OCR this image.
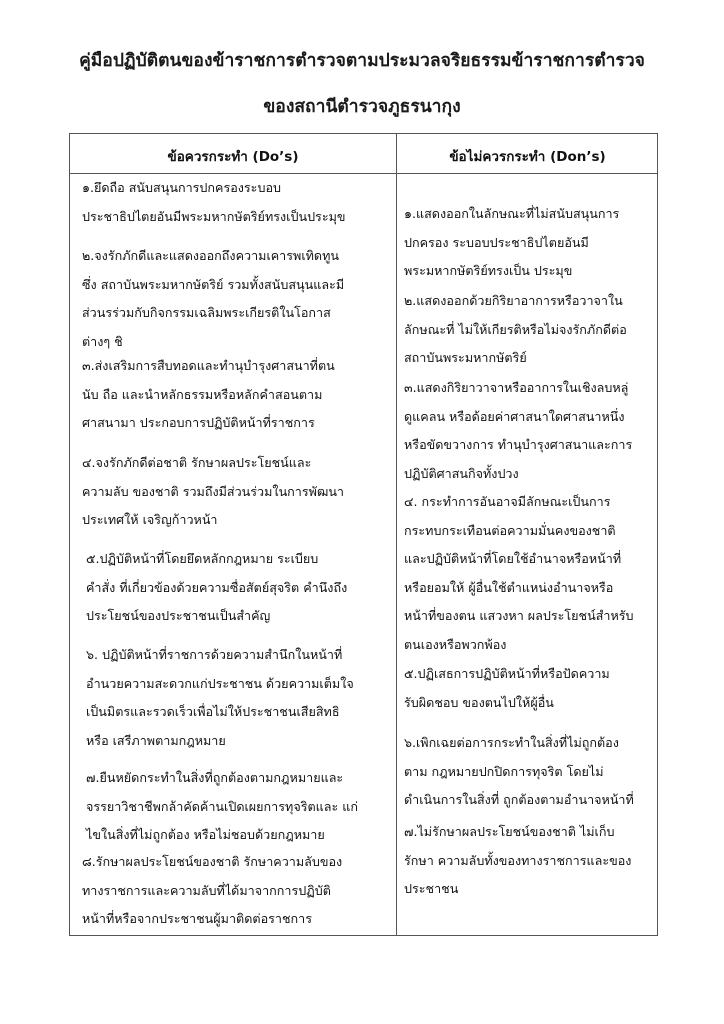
คู่มือปฏิบัติตนของข้าราชการตำรวจตามประมวลจริยธรรมข้าราชการตำรวจ
ของสถานีตำรวจภูธรนากุง
ข้อควรกระทำ (Do’s)	ข้อไม่ควรกระทำ (Don’s)
๑.ยึดถือ สนับสนุนการปกครองระบอบ
ประชาธิปไตยอันมีพระมหากษัตริย์ทรงเป็นประมุข
๒.จงรักภักดีและแสดงออกถึงความเคารพเทิดทูน
ซึ่ง สถาบันพระมหากษัตริย์ รวมทั้งสนับสนุนและมี
ส่วนรร่วมกับกิจกรรมเฉลิมพระเกียรติในโอกาส
ต่างๆ ชิ
๓.ส่งเสริมการสืบทอดและทำนุบำรุงศาสนาที่ตน
นับ ถือ และนำหลักธรรมหรือหลักคำสอนตาม
ศาสนามา ประกอบการปฏิบัติหน้าที่ราชการ
๔.จงรักภักดีต่อชาติ รักษาผลประโยชน์และ
ความลับ ของชาติ รวมถึงมีส่วนร่วมในการพัฒนา
ประเทศให้ เจริญก้าวหน้า
๕.ปฏิบัติหน้าที่โดยยึดหลักกฎหมาย ระเบียบ
คำสั่ง ที่เกี่ยวข้องด้วยความซื่อสัตย์สุจริต คำนึงถึง
ประโยชน์ของประชาชนเป็นสำคัญ
๖. ปฏิบัติหน้าที่ราชการด้วยความสำนึกในหน้าที่
อำนวยความสะดวกแก่ประชาชน ด้วยความเต็มใจ
เป็นมิตรและรวดเร็วเพื่อไม่ให้ประชาชนเสียสิทธิ
หรือ เสรีภาพตามกฎหมาย
๗.ยืนหยัดกระทำในสิ่งที่ถูกต้องตามกฎหมายและ
จรรยาวิชาชีพกล้าคัดค้านเปิดเผยการทุจริตและ แก่
ไขในสิ่งที่ไม่ถูกต้อง หรือไม่ชอบด้วยกฎหมาย
๘.รักษาผลประโยชน์ของชาติ รักษาความลับของ
ทางราชการและความลับที่ได้มาจากการปฏิบัติ
หน้าที่หรือจากประชาชนผู้มาติดต่อราชการ
๑.แสดงออกในลักษณะที่ไม่สนับสนุนการ
ปกครอง ระบอบประชาธิปไตยอันมี
พระมหากษัตริย์ทรงเป็น ประมุข
๒.แสดงออกด้วยกิริยาอาการหรือวาจาใน
ลักษณะที่ ไม่ให้เกียรติหรือไม่จงรักภักดีต่อ
สถาบันพระมหากษัตริย์
๓.แสดงกิริยาวาจาหรืออาการในเชิงลบหลู่
ดูแคลน หรือด้อยค่าศาสนาใดศาสนาหนึ่ง
หรือขัดขวางการ ทำนุบำรุงศาสนาและการ
ปฏิบัติศาสนกิจทั้งปวง
๔. กระทำการอันอาจมีลักษณะเป็นการ
กระทบกระเทือนต่อความมั่นคงของชาติ
และปฏิบัติหน้าที่โดยใช้อำนาจหรือหน้าที่
หรือยอมให้ ผู้อื่นใช้ตำแหน่งอำนาจหรือ
หน้าที่ของตน แสวงหา ผลประโยชน์สำหรับ
ตนเองหรือพวกพ้อง
๕.ปฏิเสธการปฏิบัติหน้าที่หรือปัดความ
รับผิดชอบ ของตนไปให้ผู้อื่น
๖.เพิกเฉยต่อการกระทำในสิ่งที่ไม่ถูกต้อง
ตาม กฎหมายปกปิดการทุจริต โดยไม่
ดำเนินการในสิ่งที่ ถูกต้องตามอำนาจหน้าที่
๗.ไม่รักษาผลประโยชน์ของชาติ ไม่เก็บ
รักษา ความลับทั้งของทางราชการและของ
ประชาชน
